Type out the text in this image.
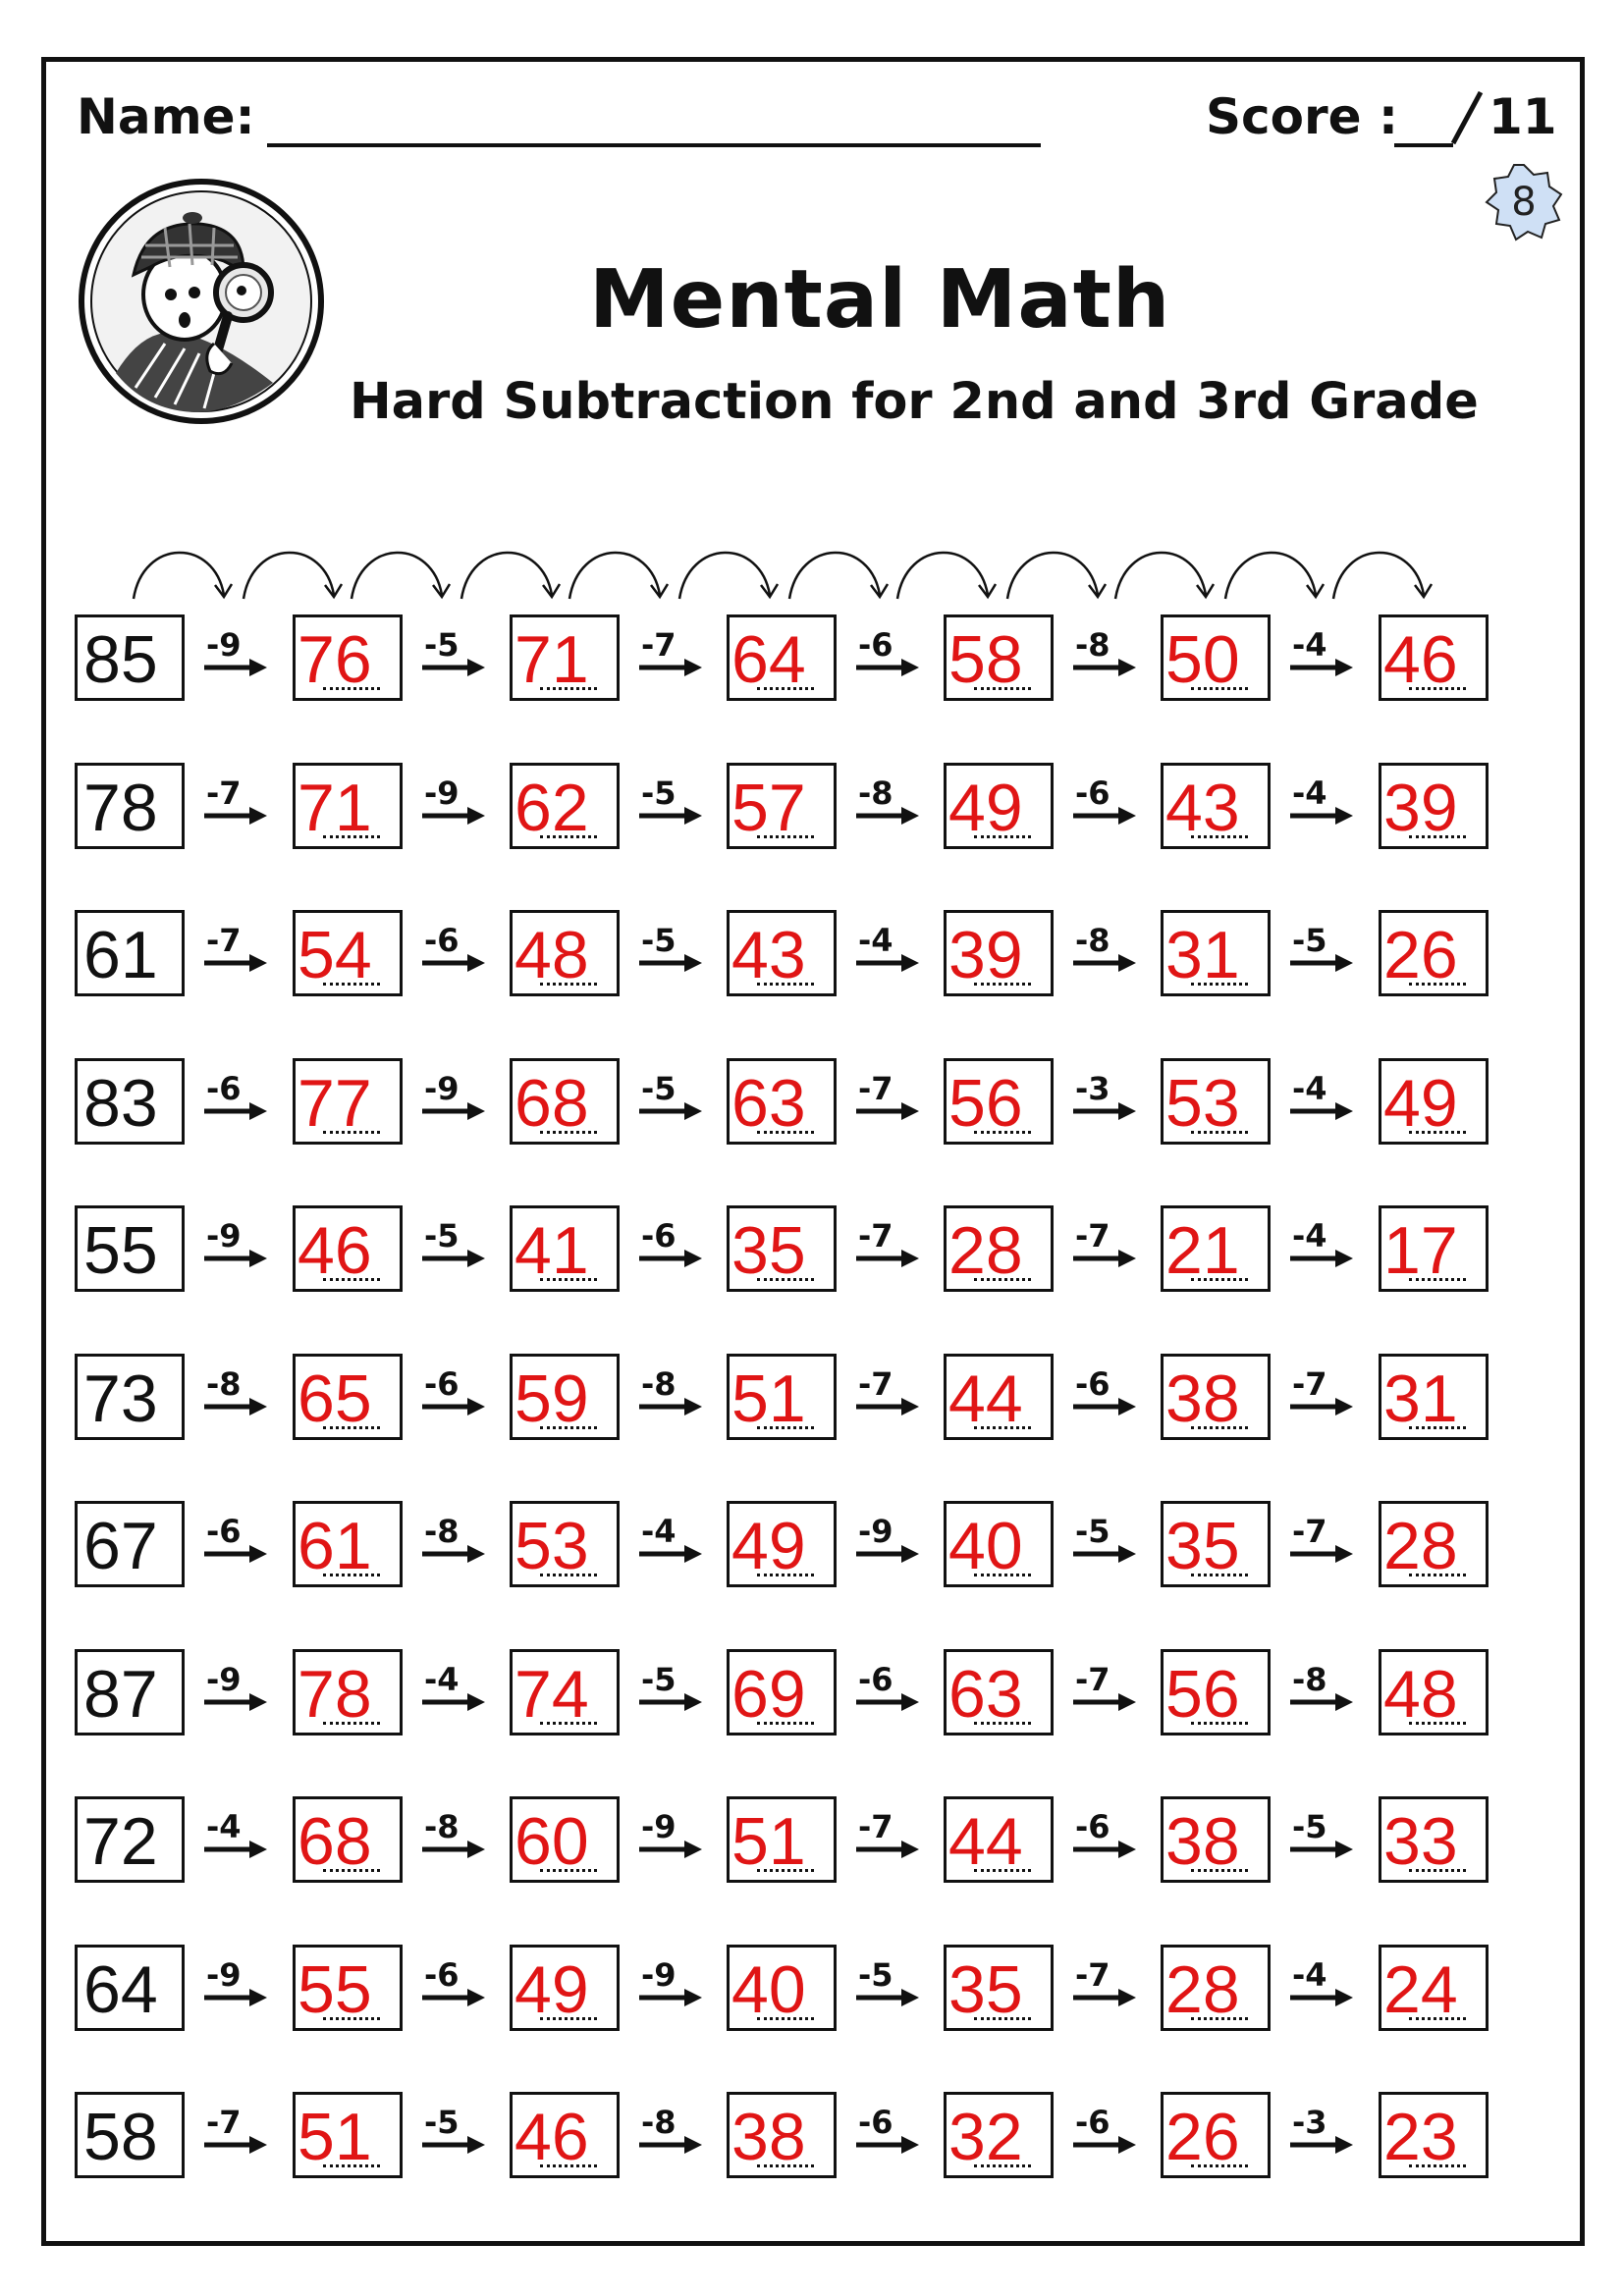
Name:	Score : 11
8
Mental Math
Hard Subtraction for 2nd and 3rd Grade
85 -9 76 -5 71 -7 64 -6 58 -8 50 -4 46
78 -7 71 -9 62 -5 57 -8 49 -6 43 -4 39
61 -7 54 -6 48 -5 43 -4 39 -8 31 -5 26
83 -6 77 -9 68 -5 63 -7 56 -3 53 -4 49
55 -9 46 -5 41 -6 35 -7 28 -7 21 -4 17
73 -8 65 -6 59 -8 51 -7 44 -6 38 -7 31
67 -6 61 -8 53 -4 49 -9 40 -5 35 -7 28
87 -9 78 -4 74 -5 69 -6 63 -7 56 -8 48
72 -4 68 -8 60 -9 51 -7 44 -6 38 -5 33
64 -9 55 -6 49 -9 40 -5 35 -7 28 -4 24
58 -7 51 -5 46 -8 38 -6 32 -6 26 -3 23
